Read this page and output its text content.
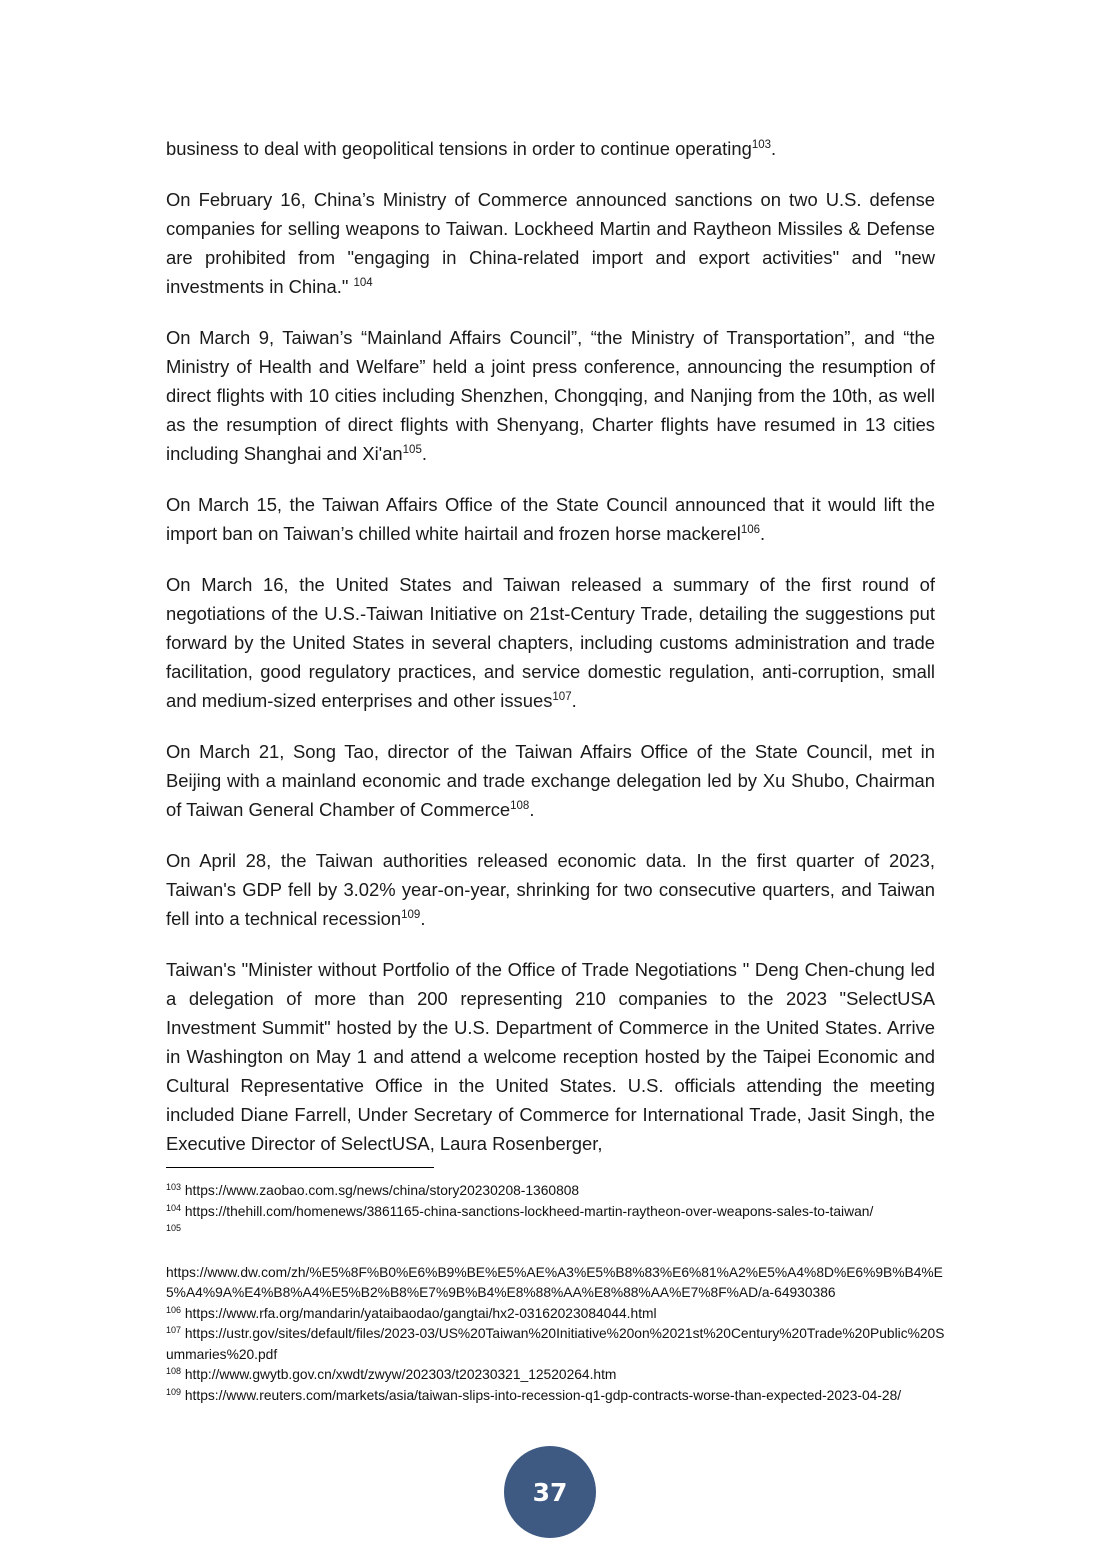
business to deal with geopolitical tensions in order to continue operating$^{103}$.

On February 16, China’s Ministry of Commerce announced sanctions on two U.S. defense companies for selling weapons to Taiwan. Lockheed Martin and Raytheon Missiles & Defense are prohibited from "engaging in China-related import and export activities" and "new investments in China." $^{104}$

On March 9, Taiwan’s “Mainland Affairs Council”, “the Ministry of Transportation”, and “the Ministry of Health and Welfare” held a joint press conference, announcing the resumption of direct flights with 10 cities including Shenzhen, Chongqing, and Nanjing from the 10th, as well as the resumption of direct flights with Shenyang, Charter flights have resumed in 13 cities including Shanghai and Xi'an$^{105}$.

On March 15, the Taiwan Affairs Office of the State Council announced that it would lift the import ban on Taiwan’s chilled white hairtail and frozen horse mackerel$^{106}$.

On March 16, the United States and Taiwan released a summary of the first round of negotiations of the U.S.-Taiwan Initiative on 21st-Century Trade, detailing the suggestions put forward by the United States in several chapters, including customs administration and trade facilitation, good regulatory practices, and service domestic regulation, anti-corruption, small and medium-sized enterprises and other issues$^{107}$.

On March 21, Song Tao, director of the Taiwan Affairs Office of the State Council, met in Beijing with a mainland economic and trade exchange delegation led by Xu Shubo, Chairman of Taiwan General Chamber of Commerce$^{108}$.

On April 28, the Taiwan authorities released economic data. In the first quarter of 2023, Taiwan's GDP fell by 3.02% year-on-year, shrinking for two consecutive quarters, and Taiwan fell into a technical recession$^{109}$.

Taiwan's "Minister without Portfolio of the Office of Trade Negotiations " Deng Chen-chung led a delegation of more than 200 representing 210 companies to the 2023 "SelectUSA Investment Summit" hosted by the U.S. Department of Commerce in the United States. Arrive in Washington on May 1 and attend a welcome reception hosted by the Taipei Economic and Cultural Representative Office in the United States. U.S. officials attending the meeting included Diane Farrell, Under Secretary of Commerce for International Trade, Jasit Singh, the Executive Director of SelectUSA, Laura Rosenberger,

$^{103}$ https://www.zaobao.com.sg/news/china/story20230208-1360808

$^{104}$ https://thehill.com/homenews/3861165-china-sanctions-lockheed-martin-raytheon-over-weapons-sales-to-taiwan/

$^{105}$
https://www.dw.com/zh/%E5%8F%B0%E6%B9%BE%E5%AE%A3%E5%B8%83%E6%81%A2%E5%A4%8D%E6%9B%B4%E5%A4%9A%E4%B8%A4%E5%B2%B8%E7%9B%B4%E8%88%AA%E8%88%AA%E7%8F%AD/a-64930386

$^{106}$ https://www.rfa.org/mandarin/yataibaodao/gangtai/hx2-03162023084044.html

$^{107}$ https://ustr.gov/sites/default/files/2023-03/US%20Taiwan%20Initiative%20on%2021st%20Century%20Trade%20Public%20Summaries%20.pdf

$^{108}$ http://www.gwytb.gov.cn/xwdt/zwyw/202303/t20230321_12520264.htm

$^{109}$ https://www.reuters.com/markets/asia/taiwan-slips-into-recession-q1-gdp-contracts-worse-than-expected-2023-04-28/

37
